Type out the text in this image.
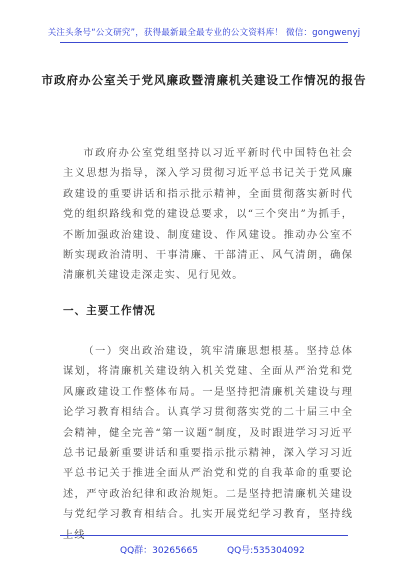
关注头条号“公文研究”，获得最新最全最专业的公文资料库！ 微信：gongwenyj
市政府办公室关于党风廉政暨清廉机关建设工作情况的报告
市政府办公室党组坚持以习近平新时代中国特色社会主义思想为指导，深入学习贯彻习近平总书记关于党风廉政建设的重要讲话和指示批示精神，全面贯彻落实新时代党的组织路线和党的建设总要求，以“三个突出”为抓手，不断加强政治建设、制度建设、作风建设。推动办公室不断实现政治清明、干事清廉、干部清正、风气清朗，确保清廉机关建设走深走实、见行见效。
一、主要工作情况
（一）突出政治建设，筑牢清廉思想根基。坚持总体谋划，将清廉机关建设纳入机关党建、全面从严治党和党风廉政建设工作整体布局。一是坚持把清廉机关建设与理论学习教育相结合。认真学习贯彻落实党的二十届三中全会精神，健全完善“第一议题”制度，及时跟进学习习近平总书记最新重要讲话和重要指示批示精神，深入学习习近平总书记关于推进全面从严治党和党的自我革命的重要论述，严守政治纪律和政治规矩。二是坚持把清廉机关建设与党纪学习教育相结合。扎实开展党纪学习教育，坚持线上线
QQ群：30265665	QQ号:535304092
